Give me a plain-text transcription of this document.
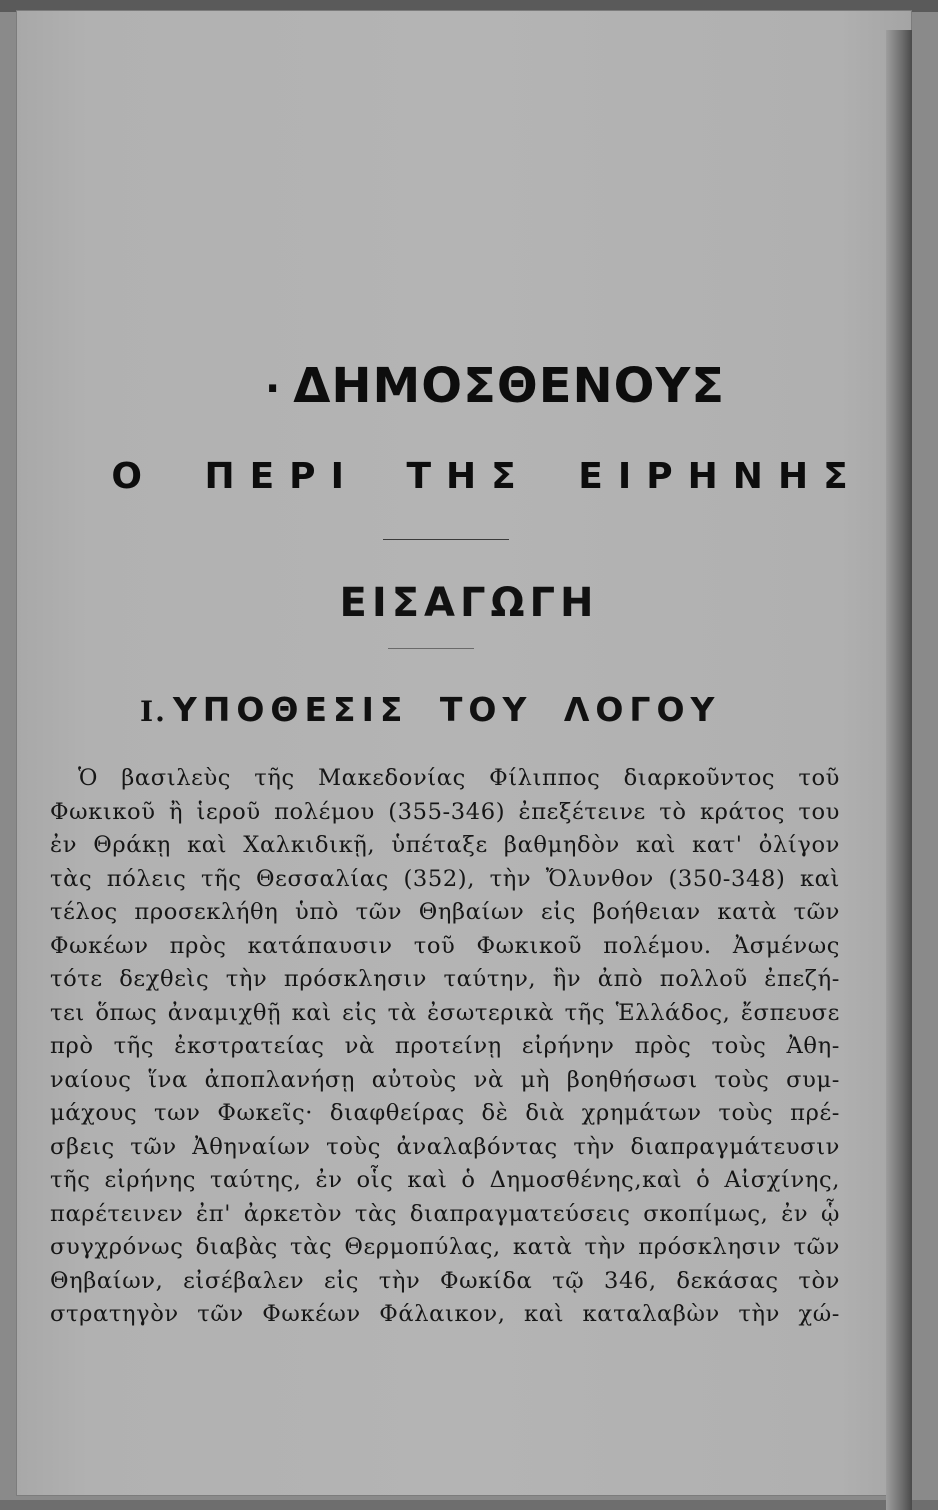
· ΔΗΜΟΣΘΕΝΟΥΣ
Ο ΠΕΡΙ ΤΗΣ ΕΙΡΗΝΗΣ
ΕΙΣΑΓΩΓΗ
Ι. ΥΠΟΘΕΣΙΣ ΤΟΥ ΛΟΓΟΥ
Ὁ βασιλεὺς τῆς Μακεδονίας Φίλιππος διαρκοῦντος τοῦ
Φωκικοῦ ἢ ἱεροῦ πολέμου (355-346) ἐπεξέτεινε τὸ κράτος του
ἐν Θράκῃ καὶ Χαλκιδικῇ, ὑπέταξε βαθμηδὸν καὶ κατ' ὀλίγον
τὰς πόλεις τῆς Θεσσαλίας (352), τὴν Ὄλυνθον (350-348) καὶ
τέλος προσεκλήθη ὑπὸ τῶν Θηβαίων εἰς βοήθειαν κατὰ τῶν
Φωκέων πρὸς κατάπαυσιν τοῦ Φωκικοῦ πολέμου. Ἀσμένως
τότε δεχθεὶς τὴν πρόσκλησιν ταύτην, ἣν ἀπὸ πολλοῦ ἐπεζή-
τει ὅπως ἀναμιχθῇ καὶ εἰς τὰ ἐσωτερικὰ τῆς Ἑλλάδος, ἔσπευσε
πρὸ τῆς ἐκστρατείας νὰ προτείνῃ εἰρήνην πρὸς τοὺς Ἀθη-
ναίους ἵνα ἀποπλανήσῃ αὐτοὺς νὰ μὴ βοηθήσωσι τοὺς συμ-
μάχους των Φωκεῖς· διαφθείρας δὲ διὰ χρημάτων τοὺς πρέ-
σβεις τῶν Ἀθηναίων τοὺς ἀναλαβόντας τὴν διαπραγμάτευσιν
τῆς εἰρήνης ταύτης, ἐν οἷς καὶ ὁ Δημοσθένης,καὶ ὁ Αἰσχίνης,
παρέτεινεν ἐπ' ἀρκετὸν τὰς διαπραγματεύσεις σκοπίμως, ἐν ᾧ
συγχρόνως διαβὰς τὰς Θερμοπύλας, κατὰ τὴν πρόσκλησιν τῶν
Θηβαίων, εἰσέβαλεν εἰς τὴν Φωκίδα τῷ 346, δεκάσας τὸν
στρατηγὸν τῶν Φωκέων Φάλαικον, καὶ καταλαβὼν τὴν χώ-
